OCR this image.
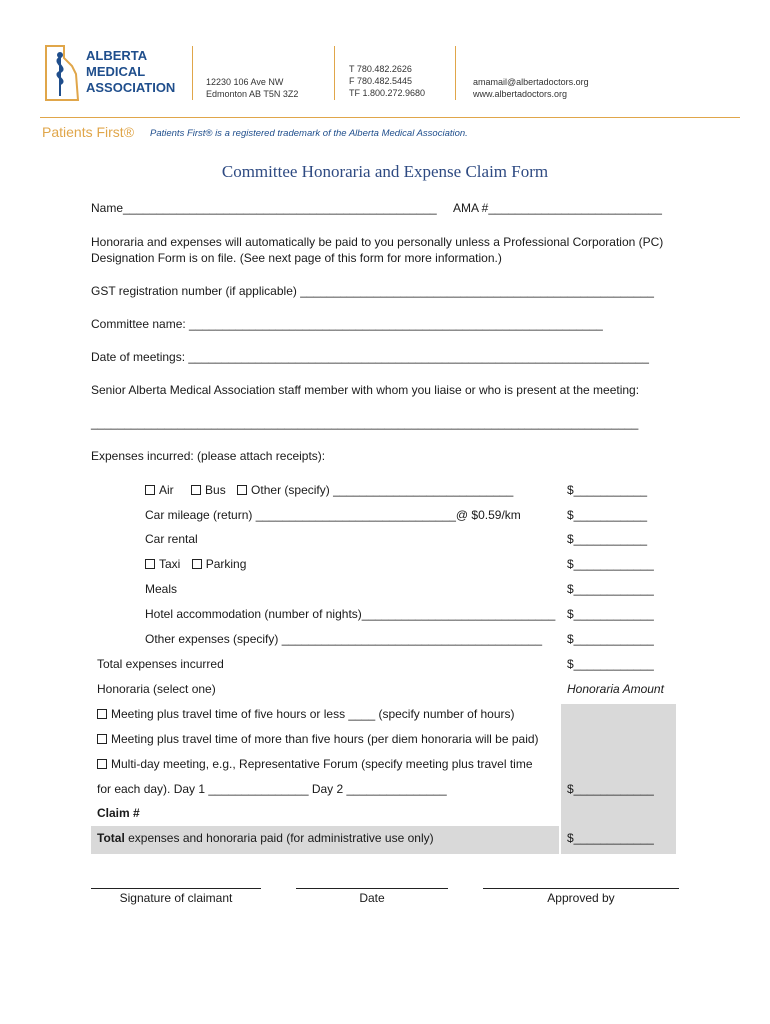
ALBERTA
MEDICAL
ASSOCIATION	12230 106 Ave NW
Edmonton AB T5N 3Z2
T 780.482.2626
F 780.482.5445
TF 1.800.272.9680
amamail@albertadoctors.org
www.albertadoctors.org
Patients First® Patients First® is a registered trademark of the Alberta Medical Association.
Committee Honoraria and Expense Claim Form
Name_______________________________________________ AMA #__________________________
Honoraria and expenses will automatically be paid to you personally unless a Professional Corporation (PC)
Designation Form is on file. (See next page of this form for more information.)
GST registration number (if applicable) _____________________________________________________
Committee name: ______________________________________________________________
Date of meetings: _____________________________________________________________________
Senior Alberta Medical Association staff member with whom you liaise or who is present at the meeting:
__________________________________________________________________________________
Expenses incurred: (please attach receipts):
Air	Bus Other (specify) ___________________________	$___________
Car mileage (return) ______________________________@ $0.59/km	$___________
Car rental	$___________
Taxi Parking	$____________
Meals	$____________
Hotel accommodation (number of nights)_____________________________ $____________
Other expenses (specify) _______________________________________ $____________
Total expenses incurred	$____________
Honoraria (select one)	Honoraria Amount
Meeting plus travel time of five hours or less ____ (specify number of hours)
Meeting plus travel time of more than five hours (per diem honoraria will be paid)
Multi-day meeting, e.g., Representative Forum (specify meeting plus travel time
for each day). Day 1 _______________ Day 2 _______________	$____________
Claim #
Total expenses and honoraria paid (for administrative use only)	$____________
Signature of claimant	Date	Approved by
